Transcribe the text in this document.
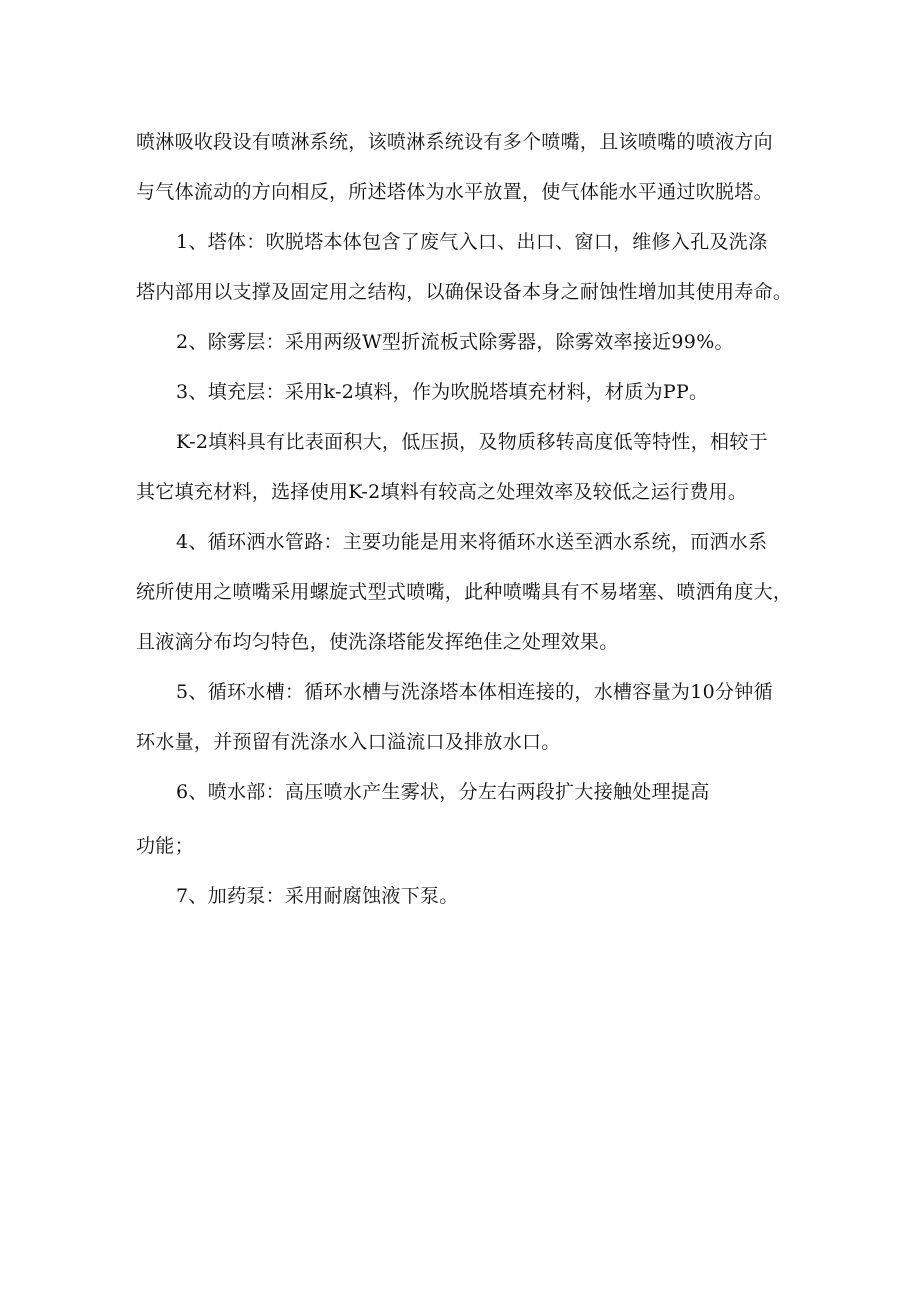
喷淋吸收段设有喷淋系统，该喷淋系统设有多个喷嘴，且该喷嘴的喷液方向
与气体流动的方向相反，所述塔体为水平放置，使气体能水平通过吹脱塔。
1、塔体：吹脱塔本体包含了废气入口、出口、窗口，维修入孔及洗涤
塔内部用以支撑及固定用之结构，以确保设备本身之耐蚀性增加其使用寿命。
2、除雾层：采用两级W型折流板式除雾器，除雾效率接近99%。
3、填充层：采用k-2填料，作为吹脱塔填充材料，材质为PP。
K-2填料具有比表面积大，低压损，及物质移转高度低等特性，相较于
其它填充材料，选择使用K-2填料有较高之处理效率及较低之运行费用。
4、循环洒水管路：主要功能是用来将循环水送至洒水系统，而洒水系
统所使用之喷嘴采用螺旋式型式喷嘴，此种喷嘴具有不易堵塞、喷洒角度大，
且液滴分布均匀特色，使洗涤塔能发挥绝佳之处理效果。
5、循环水槽：循环水槽与洗涤塔本体相连接的，水槽容量为10分钟循
环水量，并预留有洗涤水入口溢流口及排放水口。
6、喷水部：高压喷水产生雾状，分左右两段扩大接触处理提高
功能；
7、加药泵：采用耐腐蚀液下泵。
